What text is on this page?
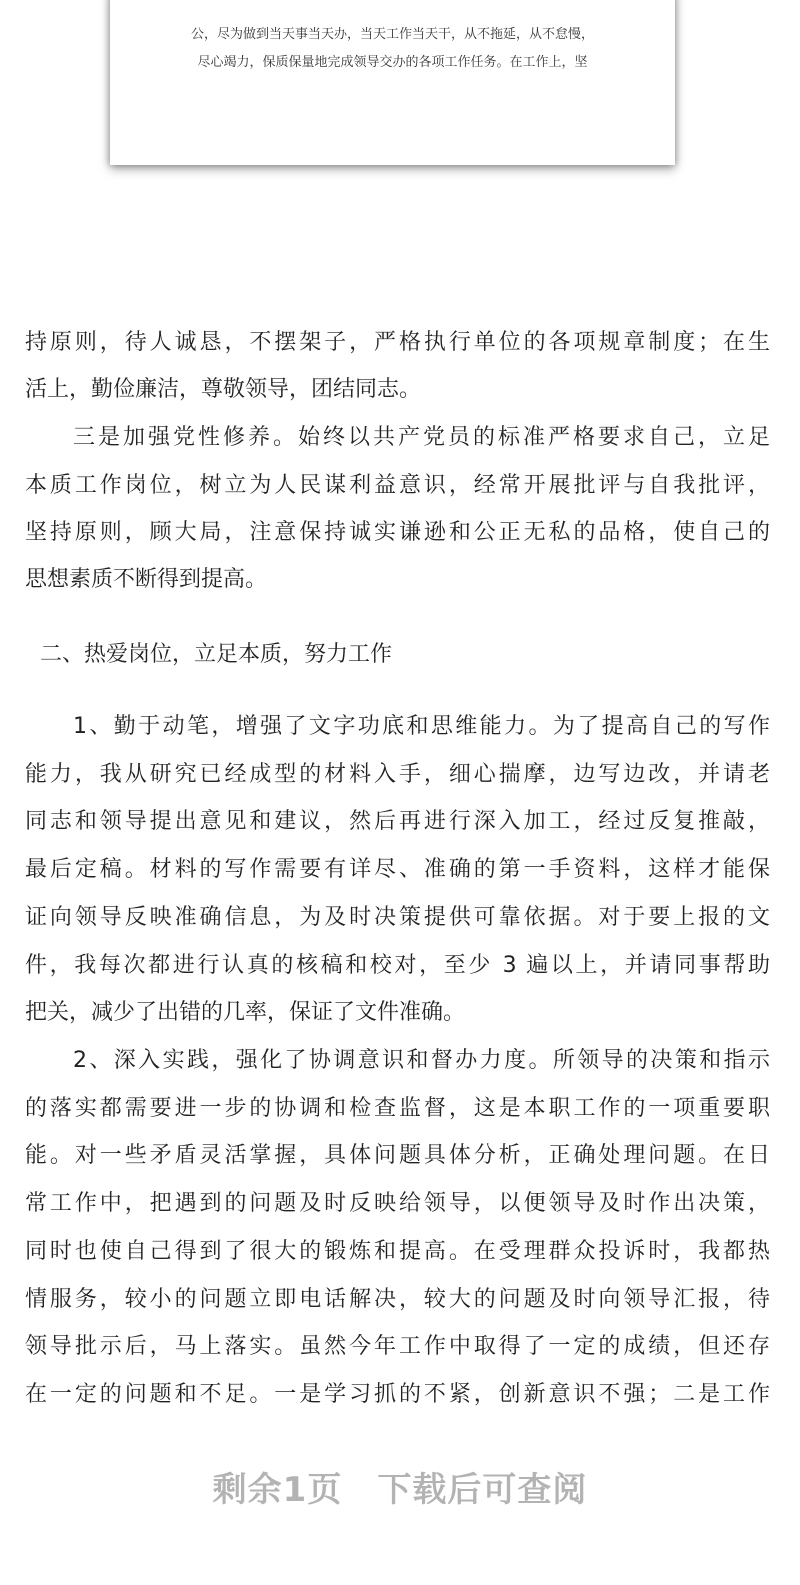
公，尽为做到当天事当天办，当天工作当天干，从不拖延，从不怠慢，
尽心竭力，保质保量地完成领导交办的各项工作任务。在工作上，坚
持原则，待人诚恳，不摆架子，严格执行单位的各项规章制度；在生
活上，勤俭廉洁，尊敬领导，团结同志。
三是加强党性修养。始终以共产党员的标准严格要求自己，立足
本质工作岗位，树立为人民谋利益意识，经常开展批评与自我批评，
坚持原则，顾大局，注意保持诚实谦逊和公正无私的品格，使自己的
思想素质不断得到提高。
二、热爱岗位，立足本质，努力工作
1、勤于动笔，增强了文字功底和思维能力。为了提高自己的写作
能力，我从研究已经成型的材料入手，细心揣摩，边写边改，并请老
同志和领导提出意见和建议，然后再进行深入加工，经过反复推敲，
最后定稿。材料的写作需要有详尽、准确的第一手资料，这样才能保
证向领导反映准确信息，为及时决策提供可靠依据。对于要上报的文
件，我每次都进行认真的核稿和校对，至少 3 遍以上，并请同事帮助
把关，减少了出错的几率，保证了文件准确。
2、深入实践，强化了协调意识和督办力度。所领导的决策和指示
的落实都需要进一步的协调和检查监督，这是本职工作的一项重要职
能。对一些矛盾灵活掌握，具体问题具体分析，正确处理问题。在日
常工作中，把遇到的问题及时反映给领导，以便领导及时作出决策，
同时也使自己得到了很大的锻炼和提高。在受理群众投诉时，我都热
情服务，较小的问题立即电话解决，较大的问题及时向领导汇报，待
领导批示后，马上落实。虽然今年工作中取得了一定的成绩，但还存
在一定的问题和不足。一是学习抓的不紧，创新意识不强；二是工作
剩余1页　下载后可查阅
